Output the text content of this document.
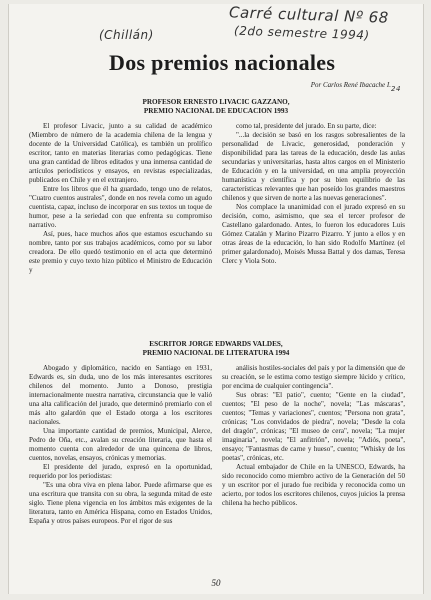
Carré cultural Nº 68
(Chillán)	(2do semestre 1994)
24
Dos premios nacionales
Por Carlos René Ibacache I.
PROFESOR ERNESTO LIVACIC GAZZANO,
PREMIO NACIONAL DE EDUCACION 1993

El profesor Livacic, junto a su calidad de académico (Miembro de número de la academia chilena de la lengua y docente de la Universidad Católica), es también un prolífico escritor, tanto en materias literarias como pedagógicas. Tiene una gran cantidad de libros editados y una inmensa cantidad de artículos periodísticos y ensayos, en revistas especializadas, publicados en Chile y en el extranjero.

Entre los libros que él ha guardado, tengo uno de relatos, "Cuatro cuentos australes", donde en nos revela como un agudo cuentista, capaz, incluso de incorporar en sus textos un toque de humor, pese a la seriedad con que enfrenta su compromiso narrativo.

Así, pues, hace muchos años que estamos escuchando su nombre, tanto por sus trabajos académicos, como por su labor creadora. De ello quedó testimonio en el acta que determinó este premio y cuyo texto hizo público el Ministro de Educación y

como tal, presidente del jurado. En su parte, dice:

"...la decisión se basó en los rasgos sobresalientes de la personalidad de Livacic, generosidad, ponderación y disponibilidad para las tareas de la educación, desde las aulas secundarias y universitarias, hasta altos cargos en el Ministerio de Educación y en la universidad, en una amplia proyección humanística y científica y por su bien equilibrio de las características relevantes que han poseído los grandes maestros chilenos y que sirven de norte a las nuevas generaciones".

Nos complace la unanimidad con el jurado expresó en su decisión, como, asimismo, que sea el tercer profesor de Castellano galardonado. Antes, lo fueron los educadores Luis Gómez Catalán y Marino Pizarro Pizarro. Y junto a ellos y en otras áreas de la educación, lo han sido Rodolfo Martínez (el primer galardonado), Moisés Mussa Battal y dos damas, Teresa Clerc y Viola Soto.

ESCRITOR JORGE EDWARDS VALDES,
PREMIO NACIONAL DE LITERATURA 1994

Abogado y diplomático, nacido en Santiago en 1931, Edwards es, sin duda, uno de los más interesantes escritores chilenos del momento. Junto a Donoso, prestigia internacionalmente nuestra narrativa, circunstancia que le valió una alta calificación del jurado, que determinó premiarlo con el más alto galardón que el Estado otorga a los escritores nacionales.

Una importante cantidad de premios, Municipal, Alerce, Pedro de Oña, etc., avalan su creación literaria, que hasta el momento cuenta con alrededor de una quincena de libros, cuentos, novelas, ensayos, crónicas y memorias.

El presidente del jurado, expresó en la oportunidad, requerido por los periodistas:

"Es una obra viva en plena labor. Puede afirmarse que es una escritura que transita con su obra, la segunda mitad de este siglo. Tiene plena vigencia en los ámbitos más exigentes de la literatura, tanto en América Hispana, como en Estados Unidos, España y otros países europeos. Por el rigor de sus

análisis hostiles-sociales del país y por la dimensión que de su creación, se le estima como testigo siempre lúcido y crítico, por encima de cualquier contingencia".

Sus obras: "El patio", cuento; "Gente en la ciudad", cuentos; "El peso de la noche", novela; "Las máscaras", cuentos; "Temas y variaciones", cuentos; "Persona non grata", crónicas; "Los convidados de piedra", novela; "Desde la cola del dragón", crónicas; "El museo de cera", novela; "La mujer imaginaria", novela; "El anfitrión", novela; "Adiós, poeta", ensayo; "Fantasmas de carne y hueso", cuento; "Whisky de los poetas", crónicas, etc.

Actual embajador de Chile en la UNESCO, Edwards, ha sido reconocido como miembro activo de la Generación del 50 y un escritor por el jurado fue recibida y reconocida como un acierto, por todos los escritores chilenos, cuyos juicios la prensa chilena ha hecho públicos.

50
